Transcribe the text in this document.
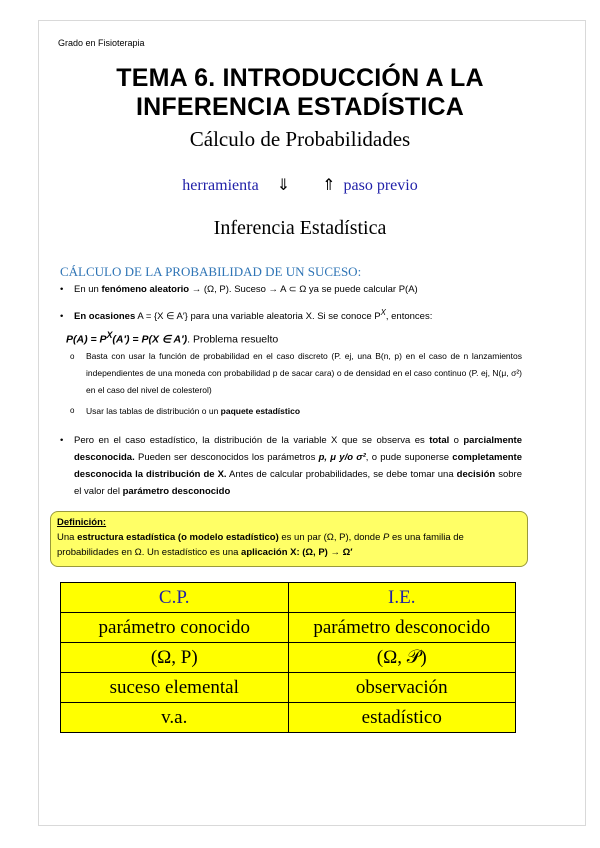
Grado en Fisioterapia
TEMA 6. INTRODUCCIÓN A LA
INFERENCIA ESTADÍSTICA
Cálculo de Probabilidades
herramienta ⇓ ⇑ paso previo
Inferencia Estadística
CÁLCULO DE LA PROBABILIDAD DE UN SUCESO:
• En un fenómeno aleatorio → (Ω, P). Suceso → A ⊂ Ω ya se puede calcular P(A)
• En ocasiones A = {X ∈ A′} para una variable aleatoria X. Si se conoce $P^X$, entonces:
$P(A) = P^X(A') = P(X$ ∈ A′). Problema resuelto
o Basta con usar la función de probabilidad en el caso discreto (P. ej, una B(n, p) en el caso de n lanzamientos independientes de una moneda con probabilidad p de sacar cara) o de densidad en el caso continuo (P. ej, N(μ, σ²) en el caso del nivel de colesterol)
o Usar las tablas de distribución o un paquete estadístico
• Pero en el caso estadístico, la distribución de la variable X que se observa es total o parcialmente desconocida. Pueden ser desconocidos los parámetros p, μ y/o σ², o pude suponerse completamente desconocida la distribución de X. Antes de calcular probabilidades, se debe tomar una decisión sobre el valor del parámetro desconocido
Definición:
Una estructura estadística (o modelo estadístico) es un par (Ω, P), donde P es una familia de probabilidades en Ω. Un estadístico es una aplicación X: (Ω, P) → Ω′
C.P.	I.E.
parámetro conocido	parámetro desconocido
(Ω, P)	(Ω, 𝒫)
suceso elemental	observación
v.a.	estadístico
